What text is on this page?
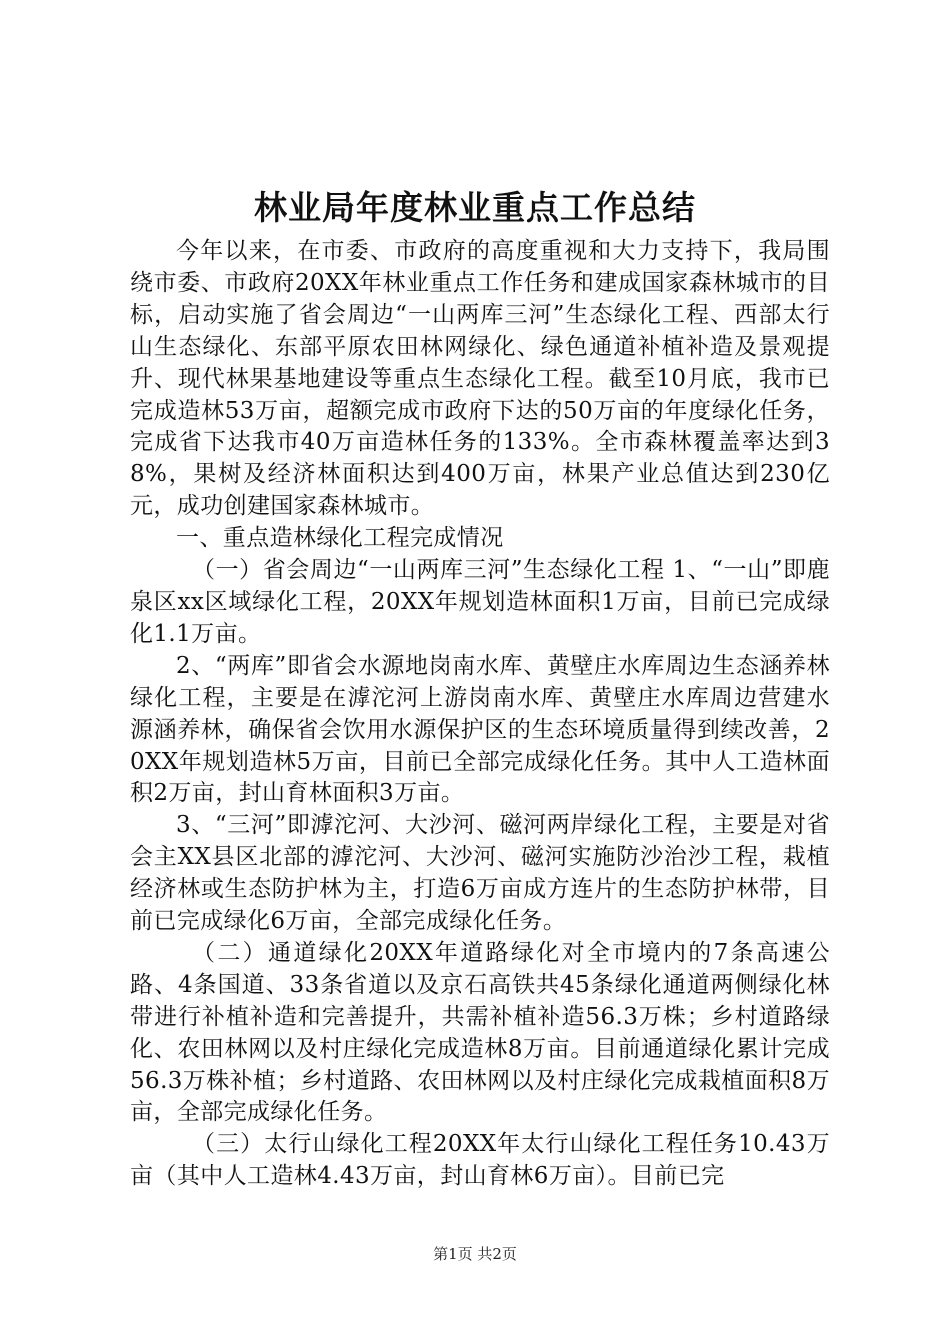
林业局年度林业重点工作总结

今年以来，在市委、市政府的高度重视和大力支持下，我局围绕市委、市政府20XX年林业重点工作任务和建成国家森林城市的目标，启动实施了省会周边“一山两库三河”生态绿化工程、西部太行山生态绿化、东部平原农田林网绿化、绿色通道补植补造及景观提升、现代林果基地建设等重点生态绿化工程。截至10月底，我市已完成造林53万亩，超额完成市政府下达的50万亩的年度绿化任务，完成省下达我市40万亩造林任务的133%。全市森林覆盖率达到38%，果树及经济林面积达到400万亩，林果产业总值达到230亿元，成功创建国家森林城市。

一、重点造林绿化工程完成情况

（一）省会周边“一山两库三河”生态绿化工程 1、“一山”即鹿泉区xx区域绿化工程，20XX年规划造林面积1万亩，目前已完成绿化1.1万亩。

2、“两库”即省会水源地岗南水库、黄壁庄水库周边生态涵养林绿化工程，主要是在滹沱河上游岗南水库、黄壁庄水库周边营建水源涵养林，确保省会饮用水源保护区的生态环境质量得到续改善，20XX年规划造林5万亩，目前已全部完成绿化任务。其中人工造林面积2万亩，封山育林面积3万亩。

3、“三河”即滹沱河、大沙河、磁河两岸绿化工程，主要是对省会主XX县区北部的滹沱河、大沙河、磁河实施防沙治沙工程，栽植经济林或生态防护林为主，打造6万亩成方连片的生态防护林带，目前已完成绿化6万亩，全部完成绿化任务。

（二）通道绿化20XX年道路绿化对全市境内的7条高速公路、4条国道、33条省道以及京石高铁共45条绿化通道两侧绿化林带进行补植补造和完善提升，共需补植补造56.3万株；乡村道路绿化、农田林网以及村庄绿化完成造林8万亩。目前通道绿化累计完成56.3万株补植；乡村道路、农田林网以及村庄绿化完成栽植面积8万亩，全部完成绿化任务。

（三）太行山绿化工程20XX年太行山绿化工程任务10.43万亩（其中人工造林4.43万亩，封山育林6万亩）。目前已完

第1页 共2页
